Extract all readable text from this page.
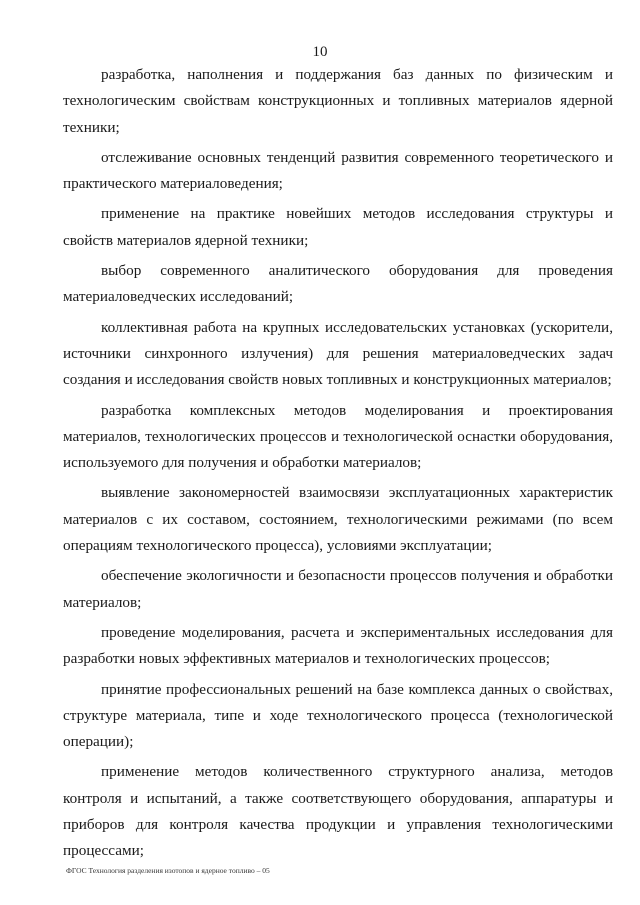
10

разработка, наполнения и поддержания баз данных по физическим и технологическим свойствам конструкционных и топливных материалов ядерной техники;

отслеживание основных тенденций развития современного теоретического и практического материаловедения;

применение на практике новейших методов исследования структуры и свойств материалов ядерной техники;

выбор современного аналитического оборудования для проведения материаловедческих исследований;

коллективная работа на крупных исследовательских установках (ускорители, источники синхронного излучения) для решения материаловедческих задач создания и исследования свойств новых топливных и конструкционных материалов;

разработка комплексных методов моделирования и проектирования материалов, технологических процессов и технологической оснастки оборудования, используемого для получения и обработки материалов;

выявление закономерностей взаимосвязи эксплуатационных характеристик материалов с их составом, состоянием, технологическими режимами (по всем операциям технологического процесса), условиями эксплуатации;

обеспечение экологичности и безопасности процессов получения и обработки материалов;

проведение моделирования, расчета и экспериментальных исследования для разработки новых эффективных материалов и технологических процессов;

принятие профессиональных решений на базе комплекса данных о свойствах, структуре материала, типе и ходе технологического процесса (технологической операции);

применение методов количественного структурного анализа, методов контроля и испытаний, а также соответствующего оборудования, аппаратуры и приборов для контроля качества продукции и управления технологическими процессами;

ФГОС Технология разделения изотопов и ядерное топливо – 05
